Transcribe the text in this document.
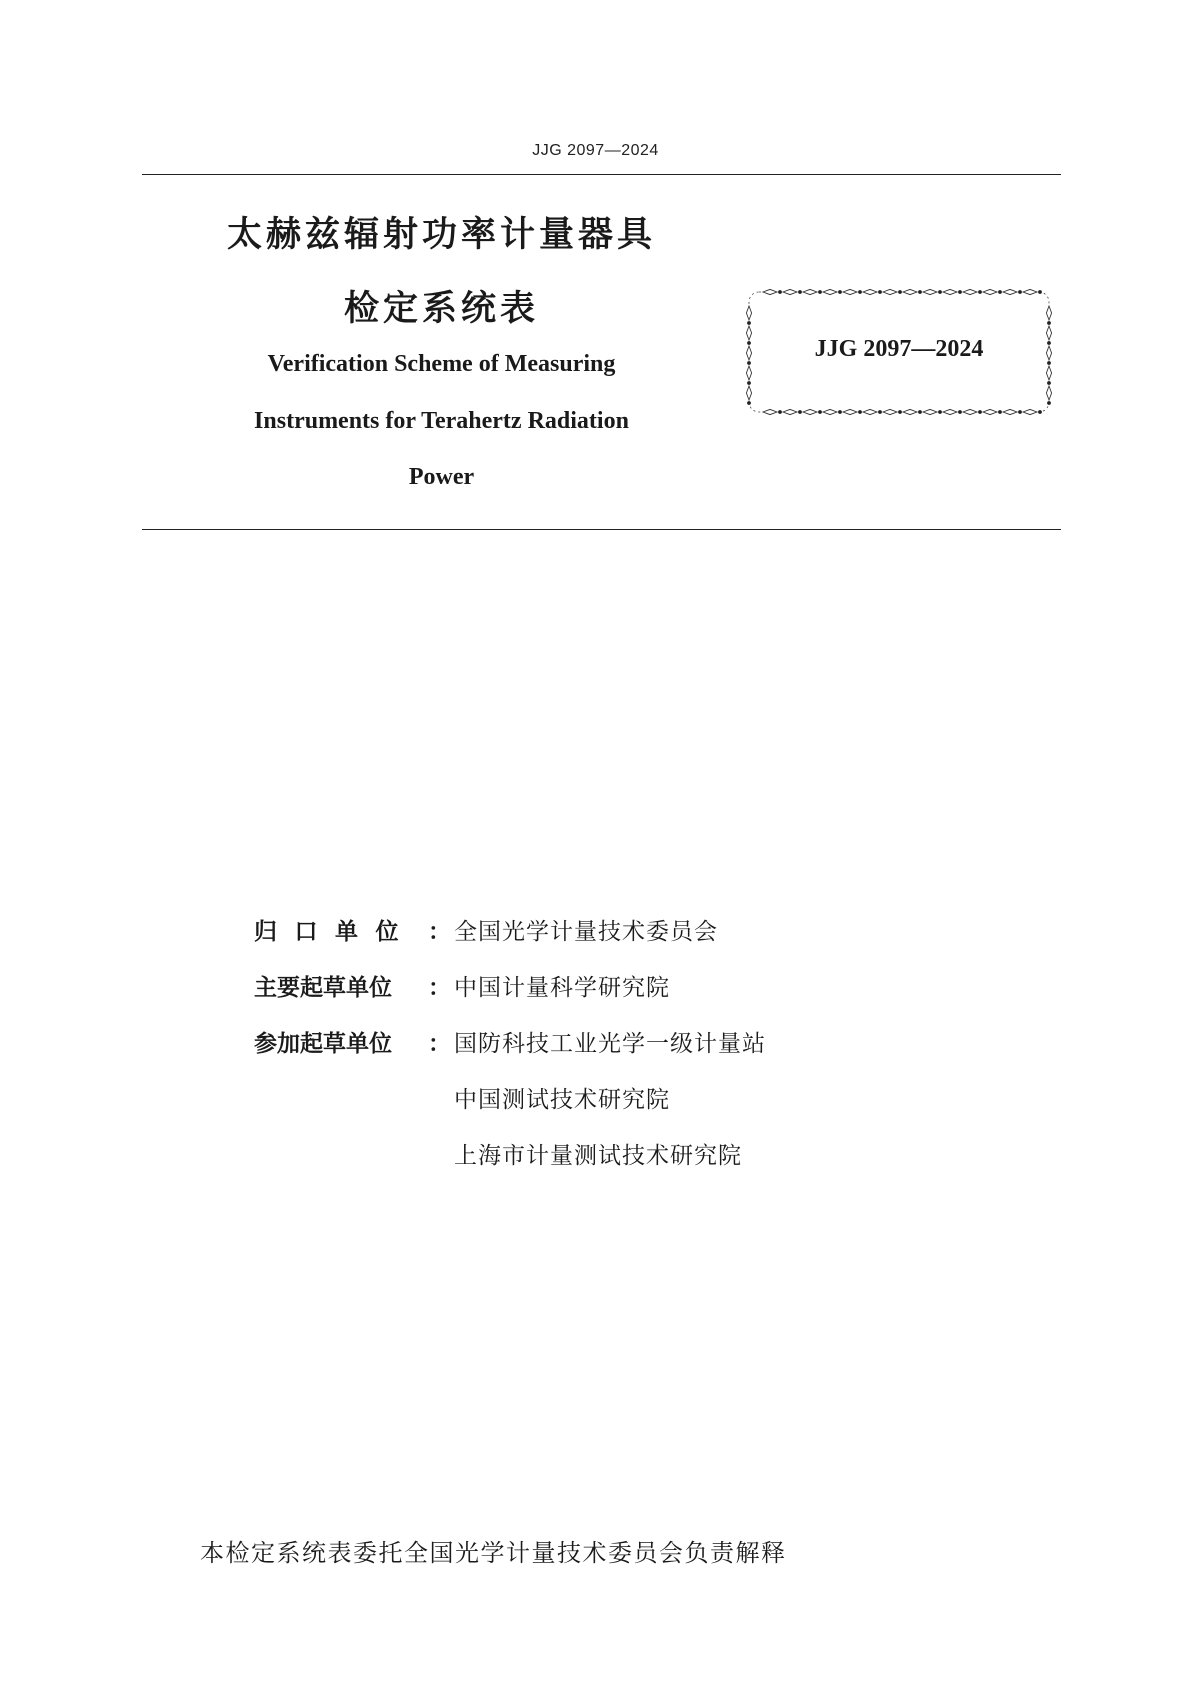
JJG 2097—2024
太赫兹辐射功率计量器具
检定系统表
Verification Scheme of Measuring
Instruments for Terahertz Radiation
Power
JJG 2097—2024
归口单位 ： 全国光学计量技术委员会
主要起草单位	： 中国计量科学研究院
参加起草单位	： 国防科技工业光学一级计量站
中国测试技术研究院
上海市计量测试技术研究院
本检定系统表委托全国光学计量技术委员会负责解释
